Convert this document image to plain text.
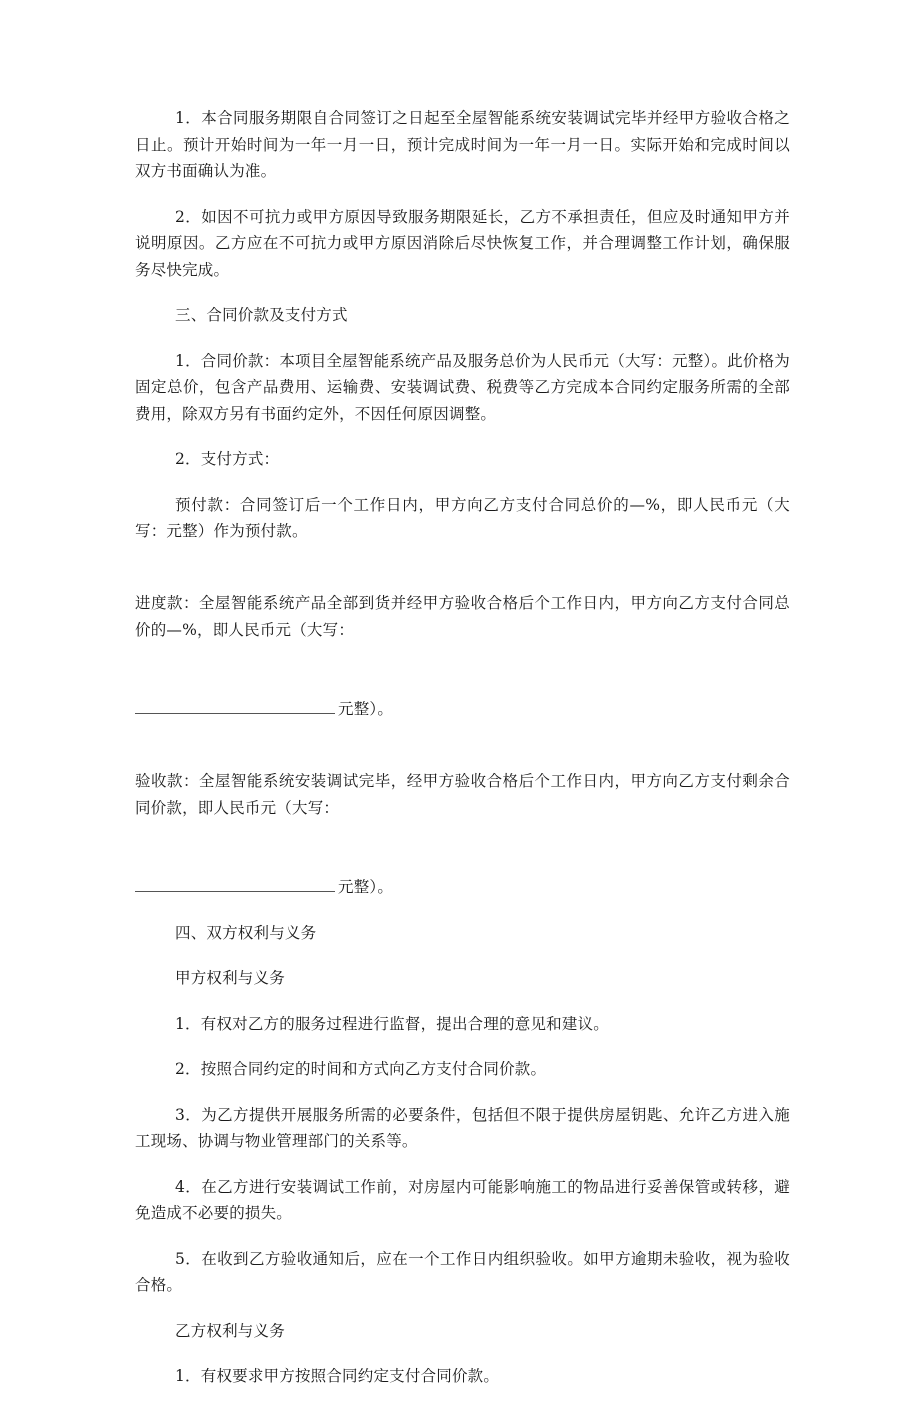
1．本合同服务期限自合同签订之日起至全屋智能系统安装调试完毕并经甲方验收合格之日止。预计开始时间为一年一月一日，预计完成时间为一年一月一日。实际开始和完成时间以双方书面确认为准。

2．如因不可抗力或甲方原因导致服务期限延长，乙方不承担责任，但应及时通知甲方并说明原因。乙方应在不可抗力或甲方原因消除后尽快恢复工作，并合理调整工作计划，确保服务尽快完成。

三、合同价款及支付方式

1．合同价款：本项目全屋智能系统产品及服务总价为人民币元（大写：元整）。此价格为固定总价，包含产品费用、运输费、安装调试费、税费等乙方完成本合同约定服务所需的全部费用，除双方另有书面约定外，不因任何原因调整。

2．支付方式：

预付款：合同签订后一个工作日内，甲方向乙方支付合同总价的—%，即人民币元（大写：元整）作为预付款。

进度款：全屋智能系统产品全部到货并经甲方验收合格后个工作日内，甲方向乙方支付合同总价的—%，即人民币元（大写：

元整）。

验收款：全屋智能系统安装调试完毕，经甲方验收合格后个工作日内，甲方向乙方支付剩余合同价款，即人民币元（大写：

元整）。

四、双方权利与义务

甲方权利与义务

1．有权对乙方的服务过程进行监督，提出合理的意见和建议。

2．按照合同约定的时间和方式向乙方支付合同价款。

3．为乙方提供开展服务所需的必要条件，包括但不限于提供房屋钥匙、允许乙方进入施工现场、协调与物业管理部门的关系等。

4．在乙方进行安装调试工作前，对房屋内可能影响施工的物品进行妥善保管或转移，避免造成不必要的损失。

5．在收到乙方验收通知后，应在一个工作日内组织验收。如甲方逾期未验收，视为验收合格。

乙方权利与义务

1．有权要求甲方按照合同约定支付合同价款。
